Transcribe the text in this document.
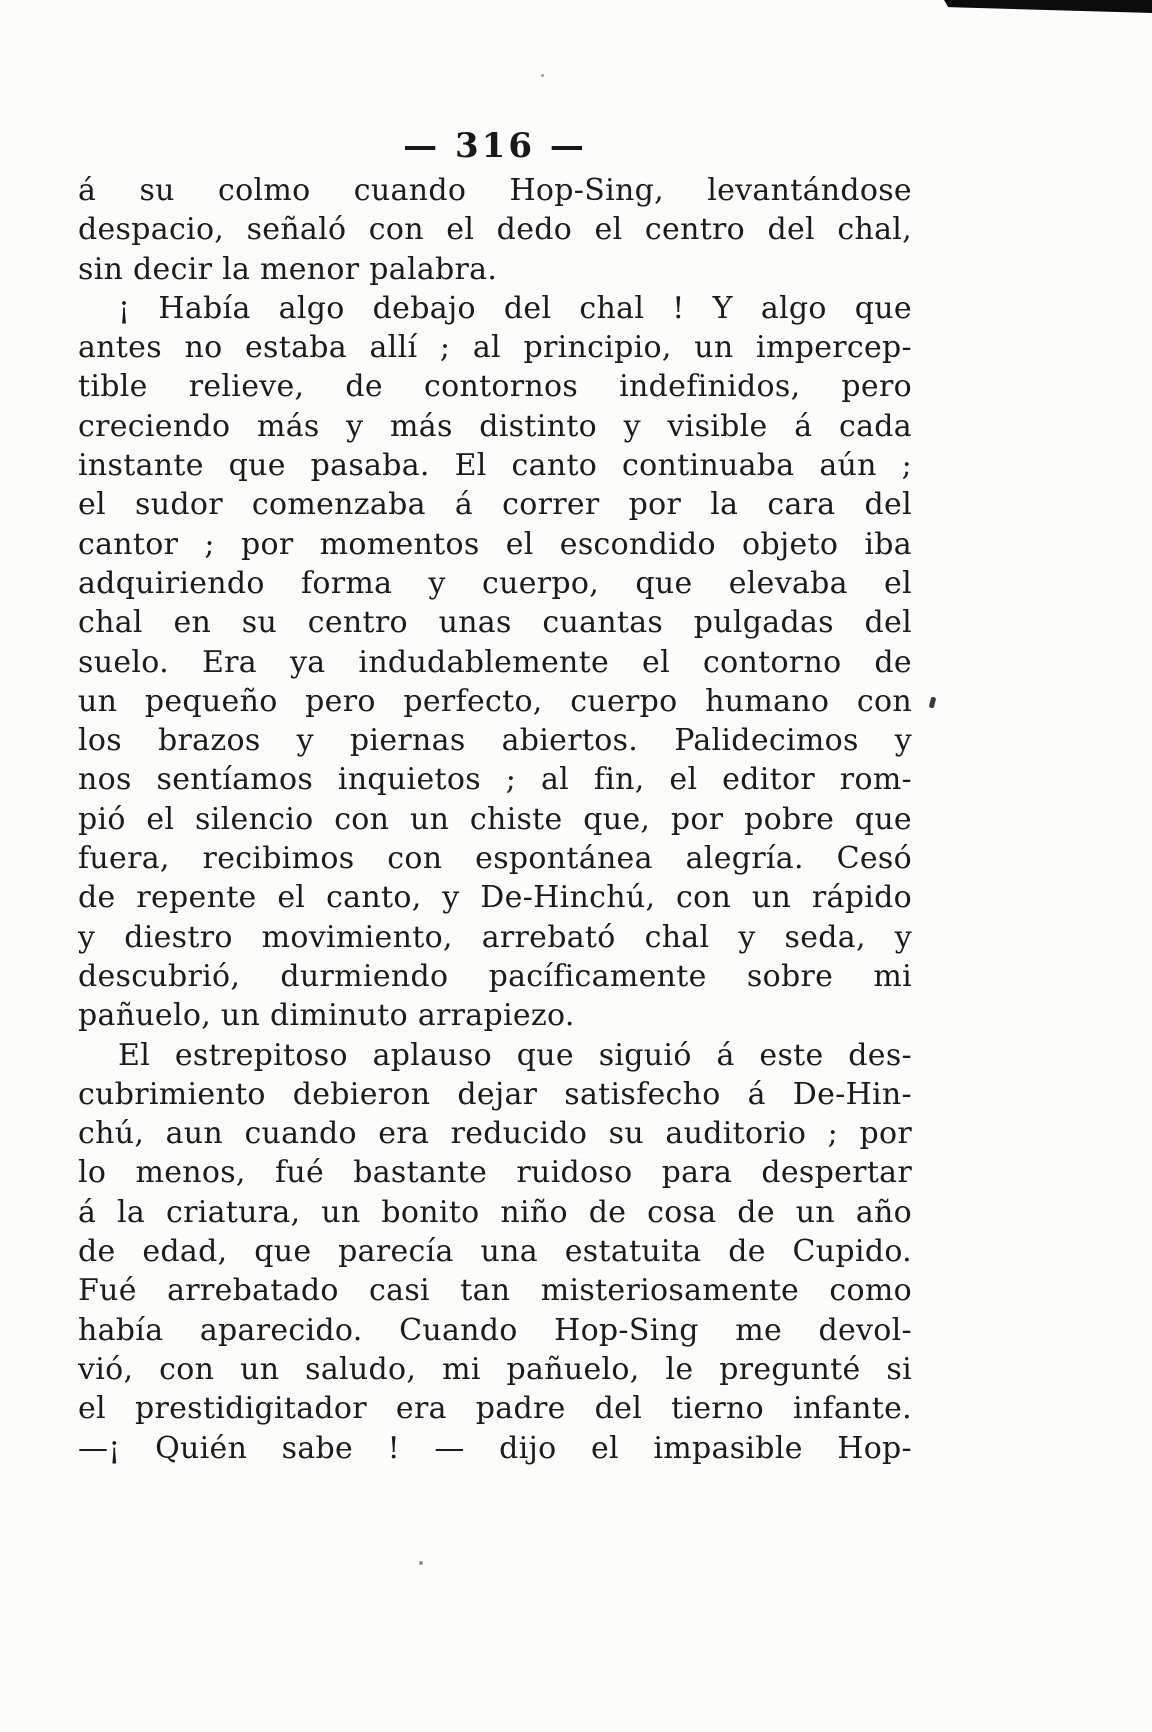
— 316 —
á su colmo cuando Hop-Sing, levantándose
despacio, señaló con el dedo el centro del chal,
sin decir la menor palabra.
¡ Había algo debajo del chal ! Y algo que
antes no estaba allí ; al principio, un impercep-
tible relieve, de contornos indefinidos, pero
creciendo más y más distinto y visible á cada
instante que pasaba. El canto continuaba aún ;
el sudor comenzaba á correr por la cara del
cantor ; por momentos el escondido objeto iba
adquiriendo forma y cuerpo, que elevaba el
chal en su centro unas cuantas pulgadas del
suelo. Era ya indudablemente el contorno de
un pequeño pero perfecto, cuerpo humano con
los brazos y piernas abiertos. Palidecimos y
nos sentíamos inquietos ; al fin, el editor rom-
pió el silencio con un chiste que, por pobre que
fuera, recibimos con espontánea alegría. Cesó
de repente el canto, y De-Hinchú, con un rápido
y diestro movimiento, arrebató chal y seda, y
descubrió, durmiendo pacíficamente sobre mi
pañuelo, un diminuto arrapiezo.
El estrepitoso aplauso que siguió á este des-
cubrimiento debieron dejar satisfecho á De-Hin-
chú, aun cuando era reducido su auditorio ; por
lo menos, fué bastante ruidoso para despertar
á la criatura, un bonito niño de cosa de un año
de edad, que parecía una estatuita de Cupido.
Fué arrebatado casi tan misteriosamente como
había aparecido. Cuando Hop-Sing me devol-
vió, con un saludo, mi pañuelo, le pregunté si
el prestidigitador era padre del tierno infante.
—¡ Quién sabe ! — dijo el impasible Hop-
